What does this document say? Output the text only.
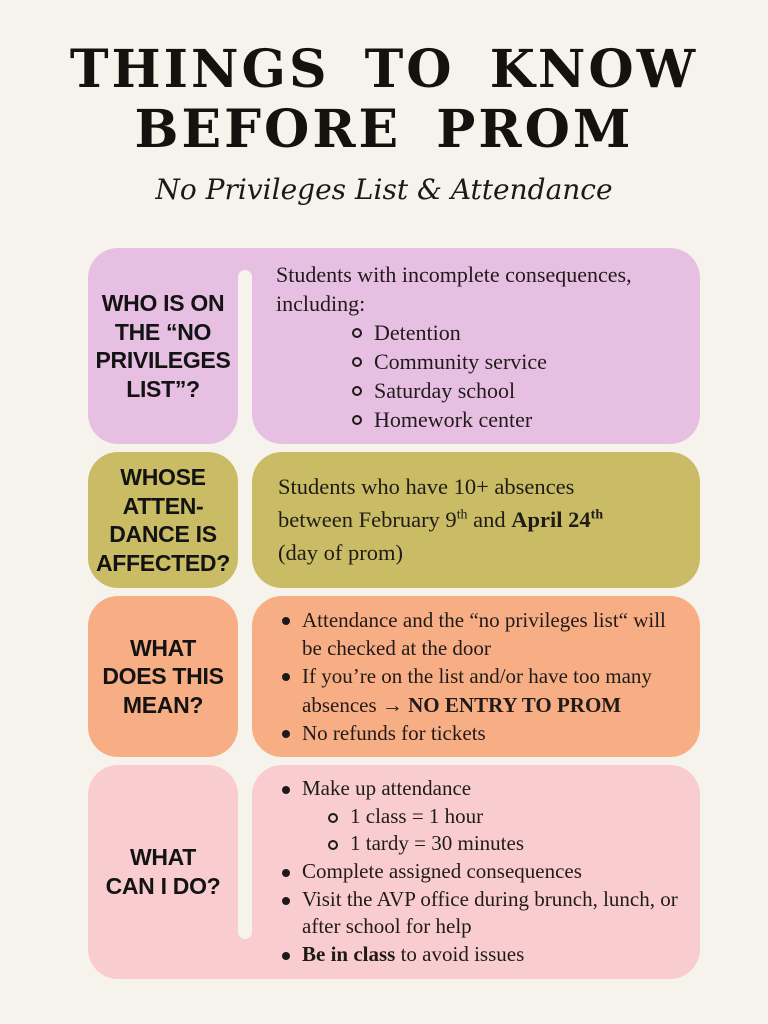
THINGS TO KNOW
BEFORE PROM
No Privileges List & Attendance
WHO IS ON
THE “NO
PRIVILEGES
LIST”?
Students with incomplete consequences, including:
Detention
Community service
Saturday school
Homework center
WHOSE
ATTEN-
DANCE IS
AFFECTED?
Students who have 10+ absences
between February 9th and April 24th
(day of prom)
WHAT
DOES THIS
MEAN?
Attendance and the “no privileges list“ will be checked at the door
If you’re on the list and/or have too many absences → NO ENTRY TO PROM
No refunds for tickets
WHAT
CAN I DO?
Make up attendance
1 class = 1 hour
1 tardy = 30 minutes
Complete assigned consequences
Visit the AVP office during brunch, lunch, or after school for help
Be in class to avoid issues
